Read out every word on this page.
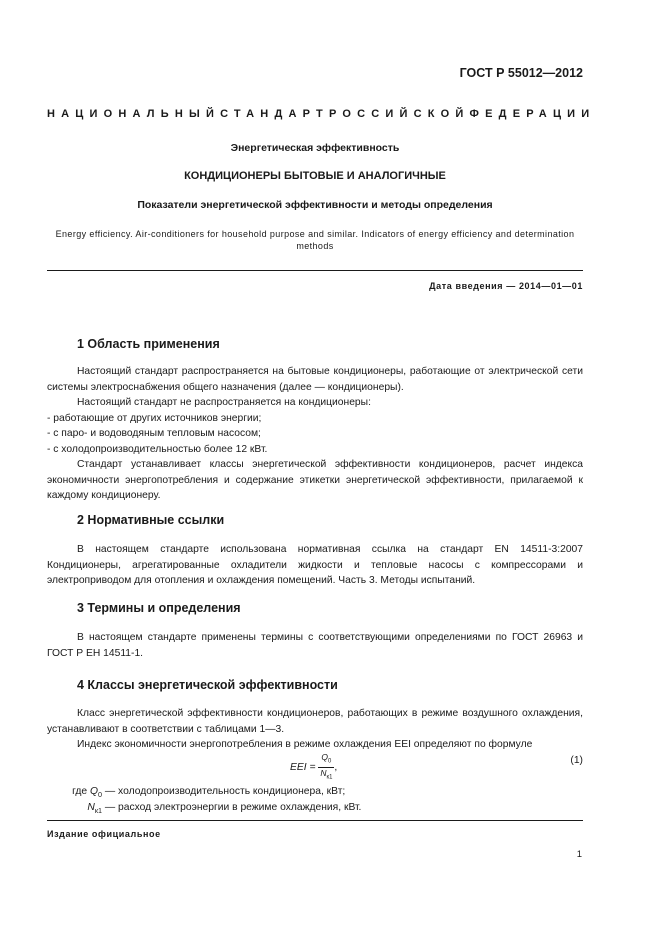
ГОСТ Р 55012—2012
НАЦИОНАЛЬНЫЙ СТАНДАРТ РОССИЙСКОЙ ФЕДЕРАЦИИ
Энергетическая эффективность
КОНДИЦИОНЕРЫ БЫТОВЫЕ И АНАЛОГИЧНЫЕ
Показатели энергетической эффективности и методы определения
Energy efficiency. Air-conditioners for household purpose and similar. Indicators of energy efficiency and determination methods
Дата введения — 2014—01—01
1 Область применения

Настоящий стандарт распространяется на бытовые кондиционеры, работающие от электрической сети системы электроснабжения общего назначения (далее — кондиционеры).

Настоящий стандарт не распространяется на кондиционеры:

- работающие от других источников энергии;

- с паро- и водоводяным тепловым насосом;

- с холодопроизводительностью более 12 кВт.

Стандарт устанавливает классы энергетической эффективности кондиционеров, расчет индекса экономичности энергопотребления и содержание этикетки энергетической эффективности, прилагаемой к каждому кондиционеру.

2 Нормативные ссылки

В настоящем стандарте использована нормативная ссылка на стандарт EN 14511-3:2007 Кондиционеры, агрегатированные охладители жидкости и тепловые насосы с компрессорами и электроприводом для отопления и охлаждения помещений. Часть 3. Методы испытаний.

3 Термины и определения

В настоящем стандарте применены термины с соответствующими определениями по ГОСТ 26963 и ГОСТ Р ЕН 14511-1.

4 Классы энергетической эффективности

Класс энергетической эффективности кондиционеров, работающих в режиме воздушного охлаждения, устанавливают в соответствии с таблицами 1—3.

Индекс экономичности энергопотребления в режиме охлаждения EEI определяют по формуле

EEI = $\frac{Q_0}{N_{к1}}$ ,
(1)
где $Q_0$ — холодопроизводительность кондиционера, кВт;
$N_{к1}$ — расход электроэнергии в режиме охлаждения, кВт.
Издание официальное
1
